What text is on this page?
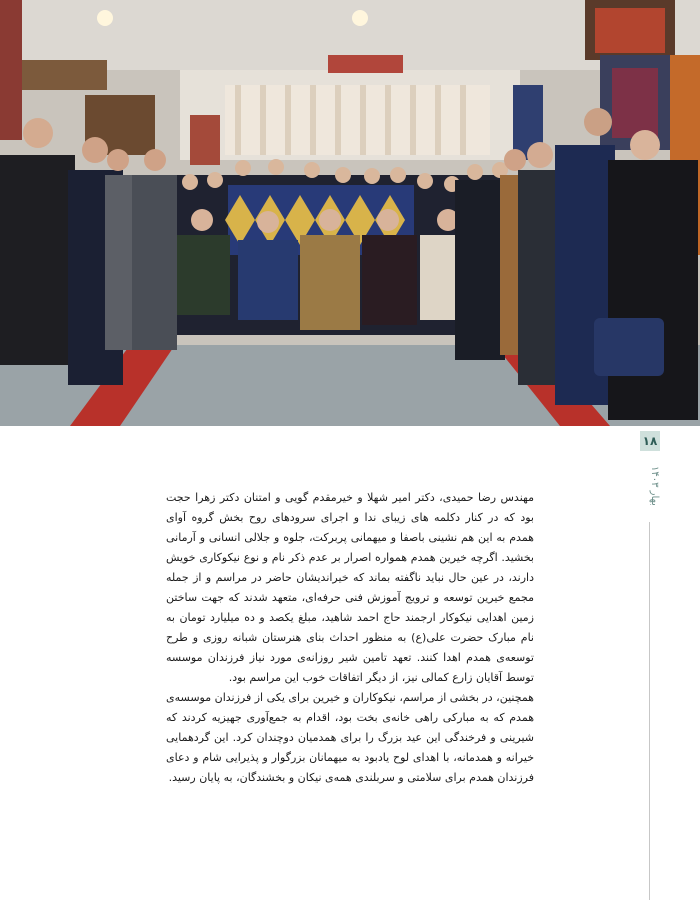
۱۸
بهار ۱۴۰۳

مهندس رضا حمیدی، دکتر امیر شهلا و خیرمقدم گویی و امتنان دکتر زهرا حجت بود که در کنار دکلمه های زیبای ندا و اجرای سرودهای روح بخش گروه آوای همدم به این هم نشینی باصفا و میهمانی پربرکت، جلوه و جلالی انسانی و آرمانی بخشید. اگرچه خیرین همدم همواره اصرار بر عدم ذکر نام و نوع نیکوکاری خویش دارند، در عین حال نباید ناگفته بماند که خیراندیشان حاضر در مراسم و از جمله مجمع خیرین توسعه و ترویج آموزش فنی حرفه‌ای، متعهد شدند که جهت ساختن زمین اهدایی نیکوکار ارجمند حاج احمد شاهید، مبلغ یکصد و ده میلیارد تومان به نام مبارک حضرت علی(ع) به منظور احداث بنای هنرستان شبانه روزی و طرح توسعه‌ی همدم اهدا کنند. تعهد تامین شیر روزانه‌ی مورد نیاز فرزندان موسسه توسط آقایان زارع کمالی نیز، از دیگر اتفاقات خوب این مراسم بود.

همچنین، در بخشی از مراسم، نیکوکاران و خیرین برای یکی از فرزندان موسسه‌ی همدم که به مبارکی راهی خانه‌ی بخت بود، اقدام به جمع‌آوری جهیزیه کردند که شیرینی و فرخندگی این عید بزرگ را برای همدمیان دوچندان کرد. این گردهمایی خیرانه و همدمانه، با اهدای لوح یادبود به میهمانان بزرگوار و پذیرایی شام و دعای فرزندان همدم برای سلامتی و سربلندی همه‌ی نیکان و بخشندگان، به پایان رسید.
